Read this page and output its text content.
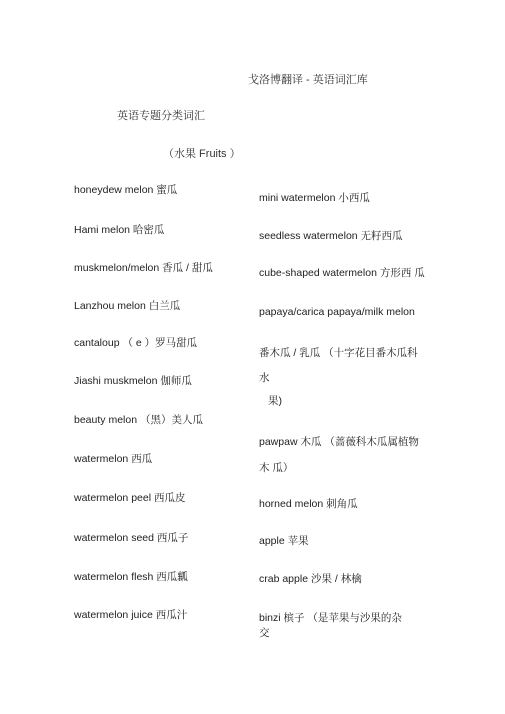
戈洛博翻译 - 英语词汇库
英语专题分类词汇
（水果 Fruits ）
honeydew melon 蜜瓜
Hami melon 哈密瓜
muskmelon/melon 香瓜 / 甜瓜
Lanzhou melon 白兰瓜
cantaloup （ e ）罗马甜瓜
Jiashi muskmelon 伽师瓜
beauty melon （黑）美人瓜
watermelon 西瓜
watermelon peel 西瓜皮
watermelon seed 西瓜子
watermelon flesh 西瓜瓤
watermelon juice 西瓜汁
mini watermelon 小西瓜
seedless watermelon 无籽西瓜
cube-shaped watermelon 方形西 瓜
papaya/carica papaya/milk melon
番木瓜 / 乳瓜 （十字花目番木瓜科
水
果)
pawpaw 木瓜 （蔷薇科木瓜属植物
木 瓜）
horned melon 刺角瓜
apple 苹果
crab apple 沙果 / 林檎
binzi 槟子 （是苹果与沙果的杂
交
